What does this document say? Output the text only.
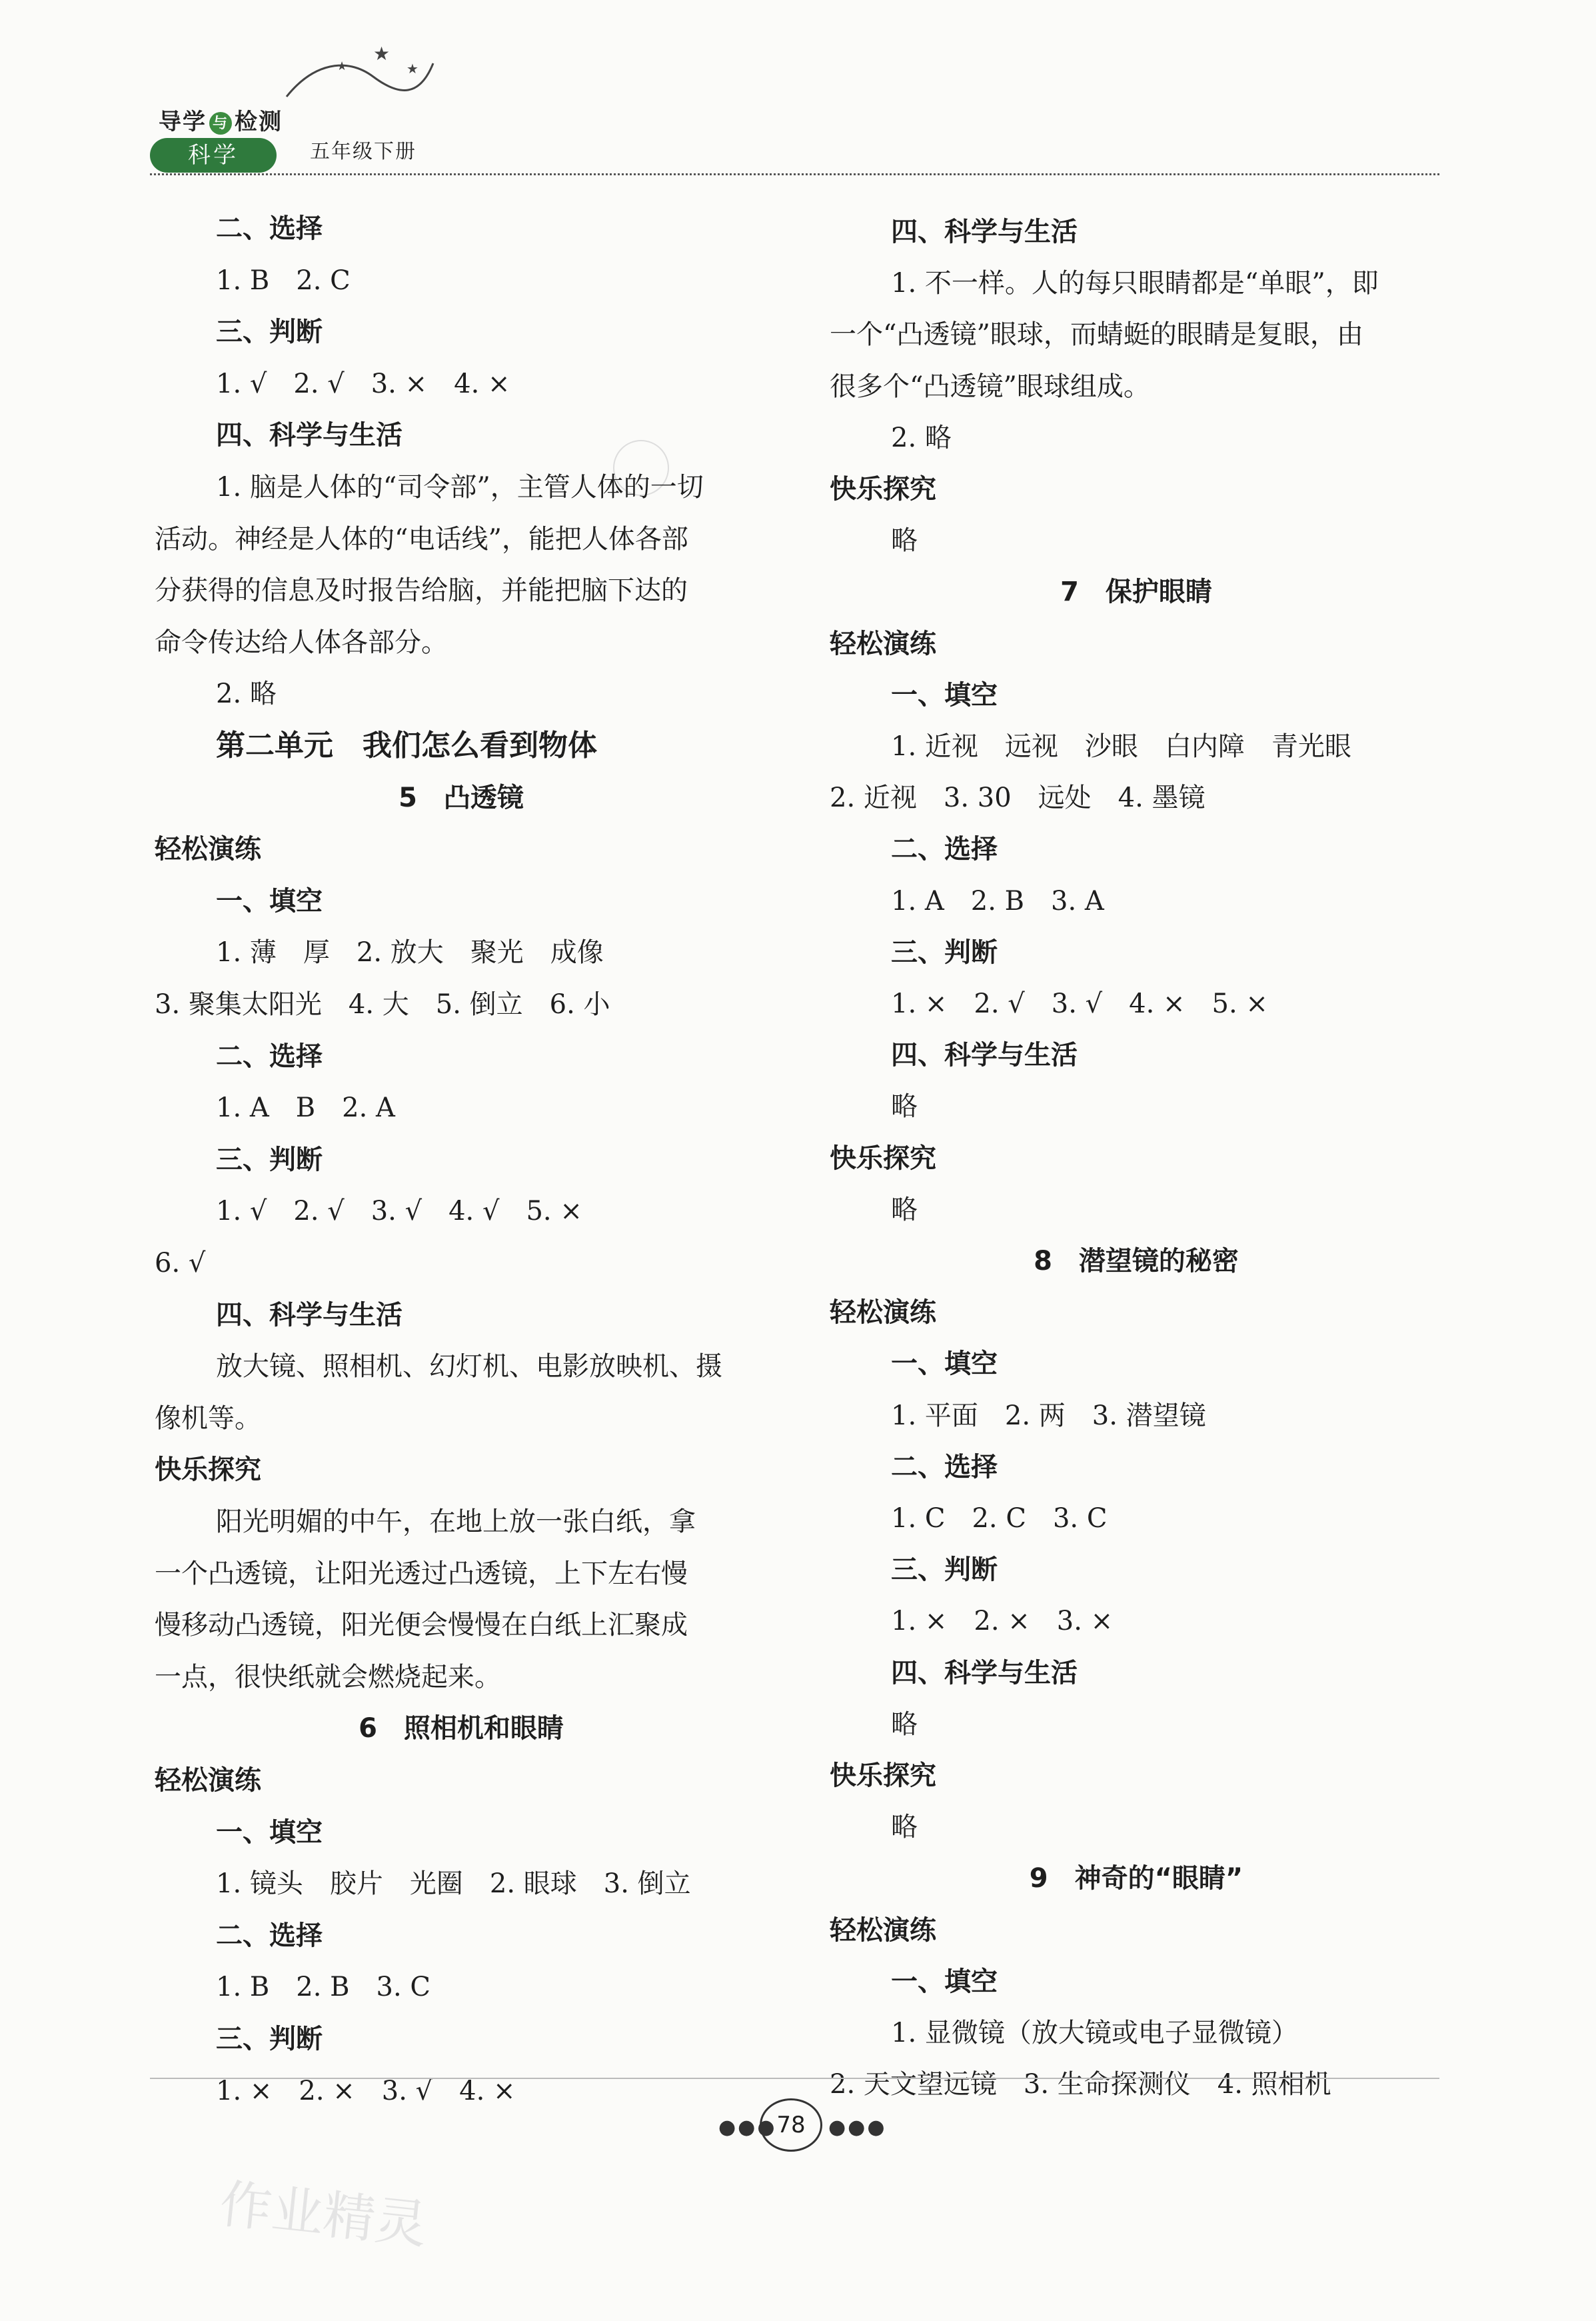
★
★
★
导学 与 检测
科学	五年级下册
二、选择
1. B　2. C
三、判断
1. √　2. √　3. ×　4. ×
四、科学与生活
1. 脑是人体的“司令部”，主管人体的一切
活动。神经是人体的“电话线”，能把人体各部
分获得的信息及时报告给脑，并能把脑下达的
命令传达给人体各部分。
2. 略
第二单元　我们怎么看到物体
5　凸透镜
轻松演练
一、填空
1. 薄　厚　2. 放大　聚光　成像
3. 聚集太阳光　4. 大　5. 倒立　6. 小
二、选择
1. A　B　2. A
三、判断
1. √　2. √　3. √　4. √　5. ×
6. √
四、科学与生活
放大镜、照相机、幻灯机、电影放映机、摄
像机等。
快乐探究
阳光明媚的中午，在地上放一张白纸，拿
一个凸透镜，让阳光透过凸透镜，上下左右慢
慢移动凸透镜，阳光便会慢慢在白纸上汇聚成
一点，很快纸就会燃烧起来。
6　照相机和眼睛
轻松演练
一、填空
1. 镜头　胶片　光圈　2. 眼球　3. 倒立
二、选择
1. B　2. B　3. C
三、判断
1. ×　2. ×　3. √　4. ×
四、科学与生活
1. 不一样。人的每只眼睛都是“单眼”，即
一个“凸透镜”眼球，而蜻蜓的眼睛是复眼，由
很多个“凸透镜”眼球组成。
2. 略
快乐探究
略
7　保护眼睛
轻松演练
一、填空
1. 近视　远视　沙眼　白内障　青光眼
2. 近视　3. 30　远处　4. 墨镜
二、选择
1. A　2. B　3. A
三、判断
1. ×　2. √　3. √　4. ×　5. ×
四、科学与生活
略
快乐探究
略
8　潜望镜的秘密
轻松演练
一、填空
1. 平面　2. 两　3. 潜望镜
二、选择
1. C　2. C　3. C
三、判断
1. ×　2. ×　3. ×
四、科学与生活
略
快乐探究
略
9　神奇的“眼睛”
轻松演练
一、填空
1. 显微镜（放大镜或电子显微镜）
2. 天文望远镜　3. 生命探测仪　4. 照相机
●●● 78	●●●
作业精灵
